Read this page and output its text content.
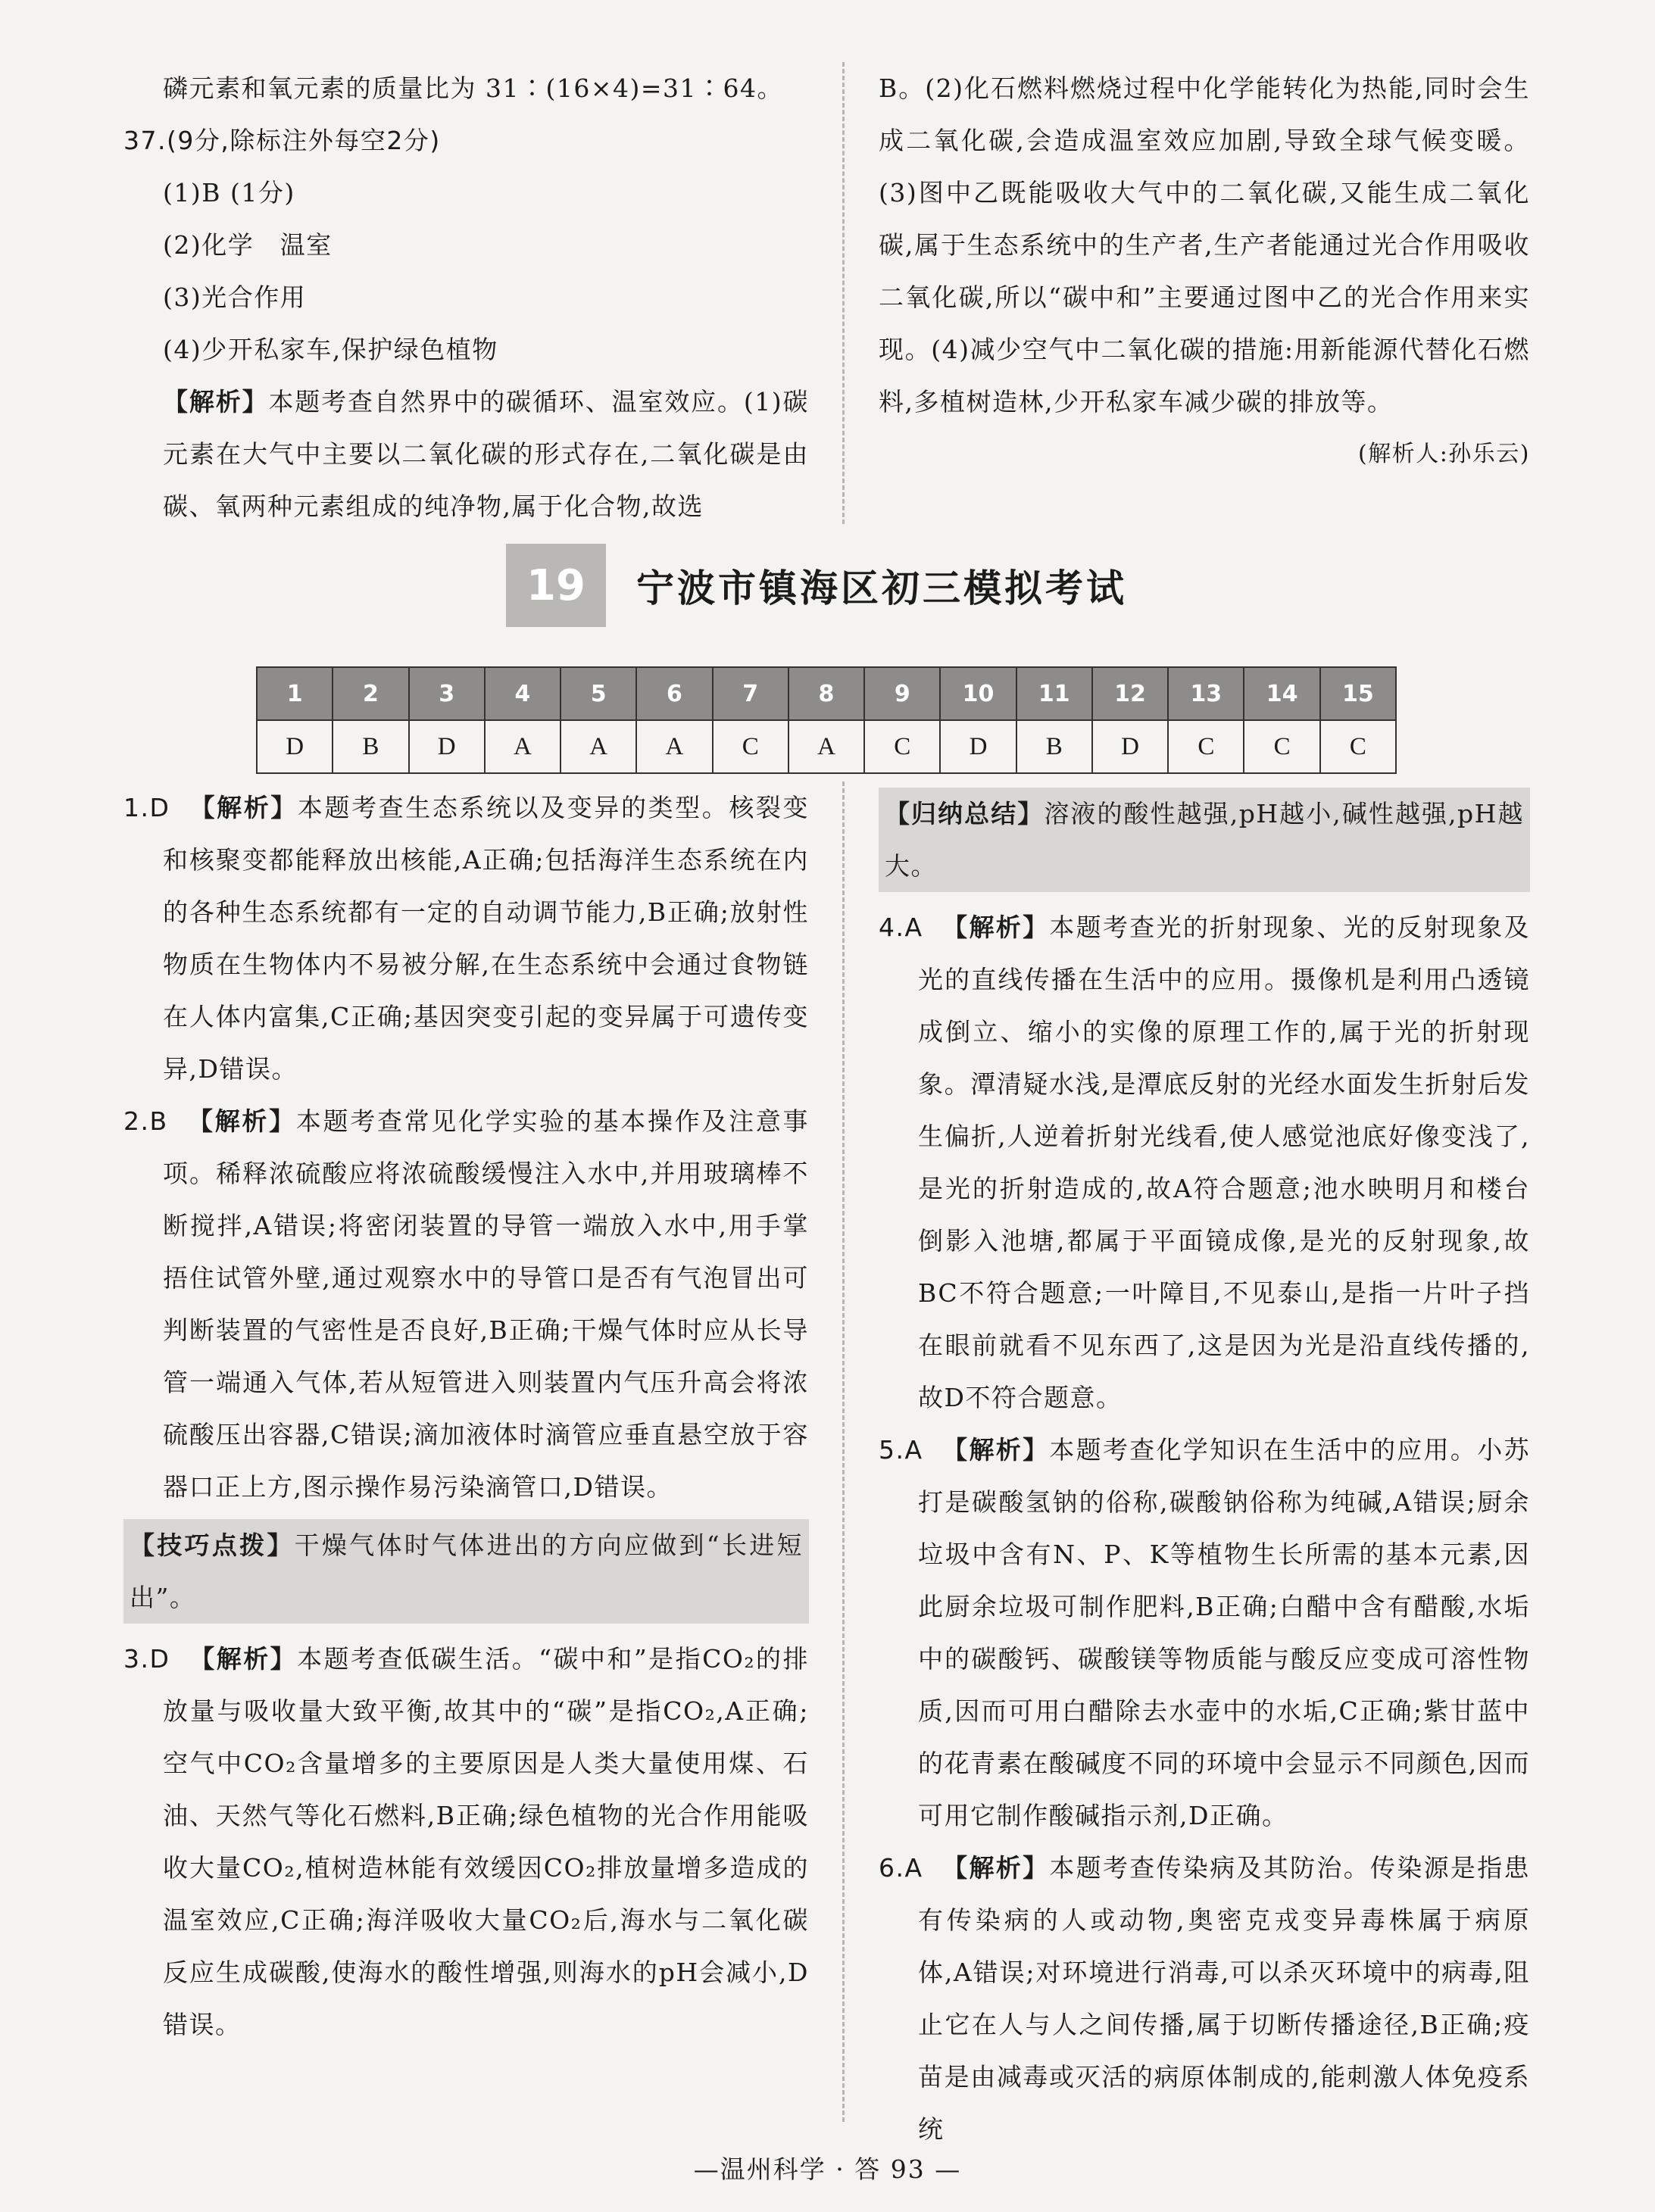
磷元素和氧元素的质量比为 31∶(16×4)=31∶64。

37.(9分,除标注外每空2分)

(1)B (1分)

(2)化学　温室

(3)光合作用

(4)少开私家车,保护绿色植物

【解析】本题考查自然界中的碳循环、温室效应。(1)碳元素在大气中主要以二氧化碳的形式存在,二氧化碳是由碳、氧两种元素组成的纯净物,属于化合物,故选

B。(2)化石燃料燃烧过程中化学能转化为热能,同时会生成二氧化碳,会造成温室效应加剧,导致全球气候变暖。(3)图中乙既能吸收大气中的二氧化碳,又能生成二氧化碳,属于生态系统中的生产者,生产者能通过光合作用吸收二氧化碳,所以“碳中和”主要通过图中乙的光合作用来实现。(4)减少空气中二氧化碳的措施:用新能源代替化石燃料,多植树造林,少开私家车减少碳的排放等。

(解析人:孙乐云)

19	宁波市镇海区初三模拟考试
1	2	3	4	5	6	7	8	9	10	11	12	13	14	15
D	B	D	A	A	A	C	A	C	D	B	D	C	C	C

1.D 【解析】本题考查生态系统以及变异的类型。核裂变和核聚变都能释放出核能,A正确;包括海洋生态系统在内的各种生态系统都有一定的自动调节能力,B正确;放射性物质在生物体内不易被分解,在生态系统中会通过食物链在人体内富集,C正确;基因突变引起的变异属于可遗传变异,D错误。

2.B 【解析】本题考查常见化学实验的基本操作及注意事项。稀释浓硫酸应将浓硫酸缓慢注入水中,并用玻璃棒不断搅拌,A错误;将密闭装置的导管一端放入水中,用手掌捂住试管外壁,通过观察水中的导管口是否有气泡冒出可判断装置的气密性是否良好,B正确;干燥气体时应从长导管一端通入气体,若从短管进入则装置内气压升高会将浓硫酸压出容器,C错误;滴加液体时滴管应垂直悬空放于容器口正上方,图示操作易污染滴管口,D错误。

【技巧点拨】干燥气体时气体进出的方向应做到“长进短出”。

3.D 【解析】本题考查低碳生活。“碳中和”是指CO₂的排放量与吸收量大致平衡,故其中的“碳”是指CO₂,A正确;空气中CO₂含量增多的主要原因是人类大量使用煤、石油、天然气等化石燃料,B正确;绿色植物的光合作用能吸收大量CO₂,植树造林能有效缓因CO₂排放量增多造成的温室效应,C正确;海洋吸收大量CO₂后,海水与二氧化碳反应生成碳酸,使海水的酸性增强,则海水的pH会减小,D错误。

【归纳总结】溶液的酸性越强,pH越小,碱性越强,pH越大。

4.A 【解析】本题考查光的折射现象、光的反射现象及光的直线传播在生活中的应用。摄像机是利用凸透镜成倒立、缩小的实像的原理工作的,属于光的折射现象。潭清疑水浅,是潭底反射的光经水面发生折射后发生偏折,人逆着折射光线看,使人感觉池底好像变浅了,是光的折射造成的,故A符合题意;池水映明月和楼台倒影入池塘,都属于平面镜成像,是光的反射现象,故BC不符合题意;一叶障目,不见泰山,是指一片叶子挡在眼前就看不见东西了,这是因为光是沿直线传播的,故D不符合题意。

5.A 【解析】本题考查化学知识在生活中的应用。小苏打是碳酸氢钠的俗称,碳酸钠俗称为纯碱,A错误;厨余垃圾中含有N、P、K等植物生长所需的基本元素,因此厨余垃圾可制作肥料,B正确;白醋中含有醋酸,水垢中的碳酸钙、碳酸镁等物质能与酸反应变成可溶性物质,因而可用白醋除去水壶中的水垢,C正确;紫甘蓝中的花青素在酸碱度不同的环境中会显示不同颜色,因而可用它制作酸碱指示剂,D正确。

6.A 【解析】本题考查传染病及其防治。传染源是指患有传染病的人或动物,奥密克戎变异毒株属于病原体,A错误;对环境进行消毒,可以杀灭环境中的病毒,阻止它在人与人之间传播,属于切断传播途径,B正确;疫苗是由减毒或灭活的病原体制成的,能刺激人体免疫系统

—温州科学 · 答 93 —
